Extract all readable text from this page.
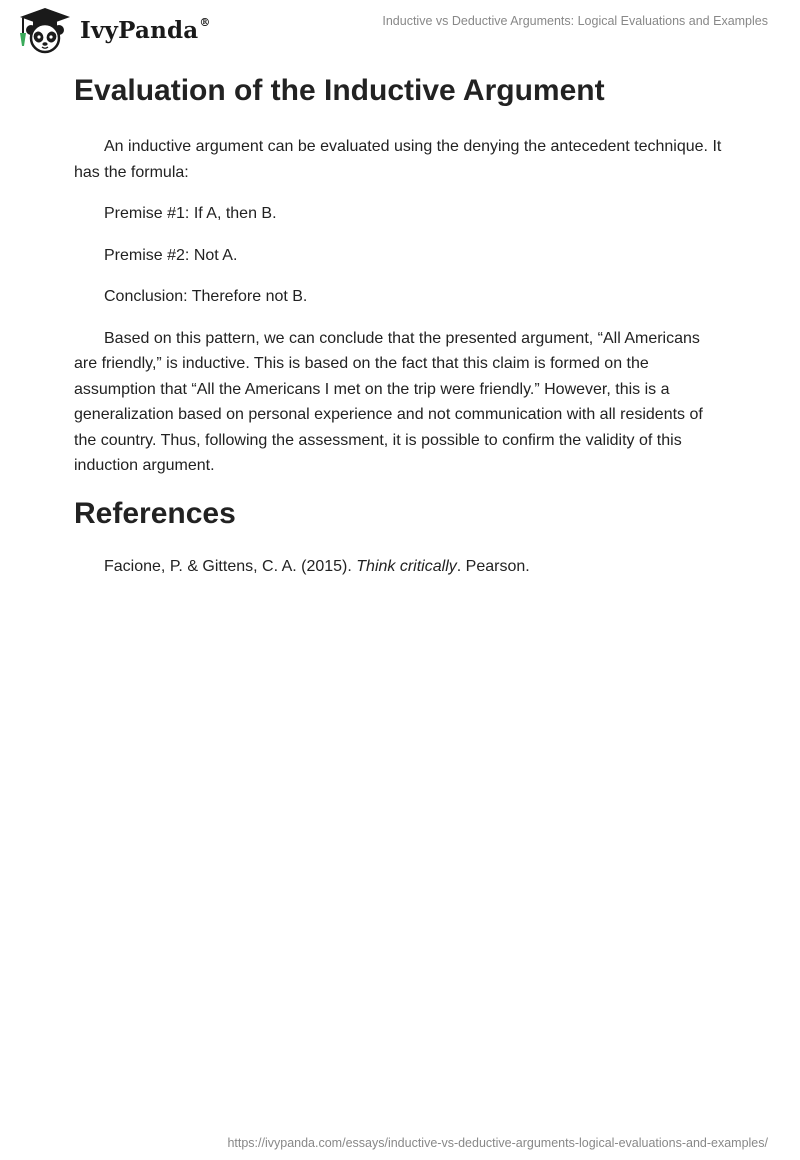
IvyPanda®	Inductive vs Deductive Arguments: Logical Evaluations and Examples
Evaluation of the Inductive Argument

An inductive argument can be evaluated using the denying the antecedent technique. It has the formula:

Premise #1: If A, then B.

Premise #2: Not A.

Conclusion: Therefore not B.

Based on this pattern, we can conclude that the presented argument, “All Americans are friendly,” is inductive. This is based on the fact that this claim is formed on the assumption that “All the Americans I met on the trip were friendly.” However, this is a generalization based on personal experience and not communication with all residents of the country. Thus, following the assessment, it is possible to confirm the validity of this induction argument.

References

Facione, P. & Gittens, C. A. (2015). Think critically. Pearson.

https://ivypanda.com/essays/inductive-vs-deductive-arguments-logical-evaluations-and-examples/
